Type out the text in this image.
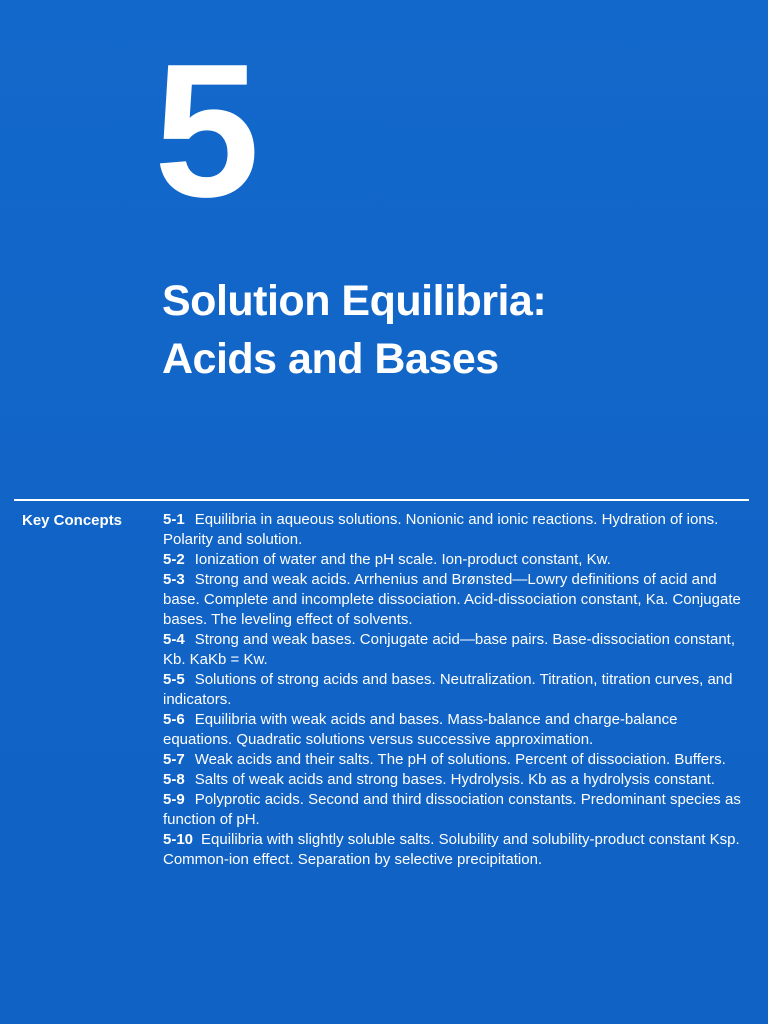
5
Solution Equilibria:
Acids and Bases
Key Concepts	5-1 Equilibria in aqueous solutions. Nonionic and ionic reactions. Hydration of ions. Polarity and solution.

5-2 Ionization of water and the pH scale. Ion-product constant, Kw.

5-3 Strong and weak acids. Arrhenius and Brønsted—Lowry definitions of acid and base. Complete and incomplete dissociation. Acid-dissociation constant, Ka. Conjugate bases. The leveling effect of solvents.

5-4 Strong and weak bases. Conjugate acid—base pairs. Base-dissociation constant, Kb. KaKb = Kw.

5-5 Solutions of strong acids and bases. Neutralization. Titration, titration curves, and indicators.

5-6 Equilibria with weak acids and bases. Mass-balance and charge-balance equations. Quadratic solutions versus successive approximation.

5-7 Weak acids and their salts. The pH of solutions. Percent of dissociation. Buffers.

5-8 Salts of weak acids and strong bases. Hydrolysis. Kb as a hydrolysis constant.

5-9 Polyprotic acids. Second and third dissociation constants. Predominant species as function of pH.

5-10 Equilibria with slightly soluble salts. Solubility and solubility-product constant Ksp. Common-ion effect. Separation by selective precipitation.
